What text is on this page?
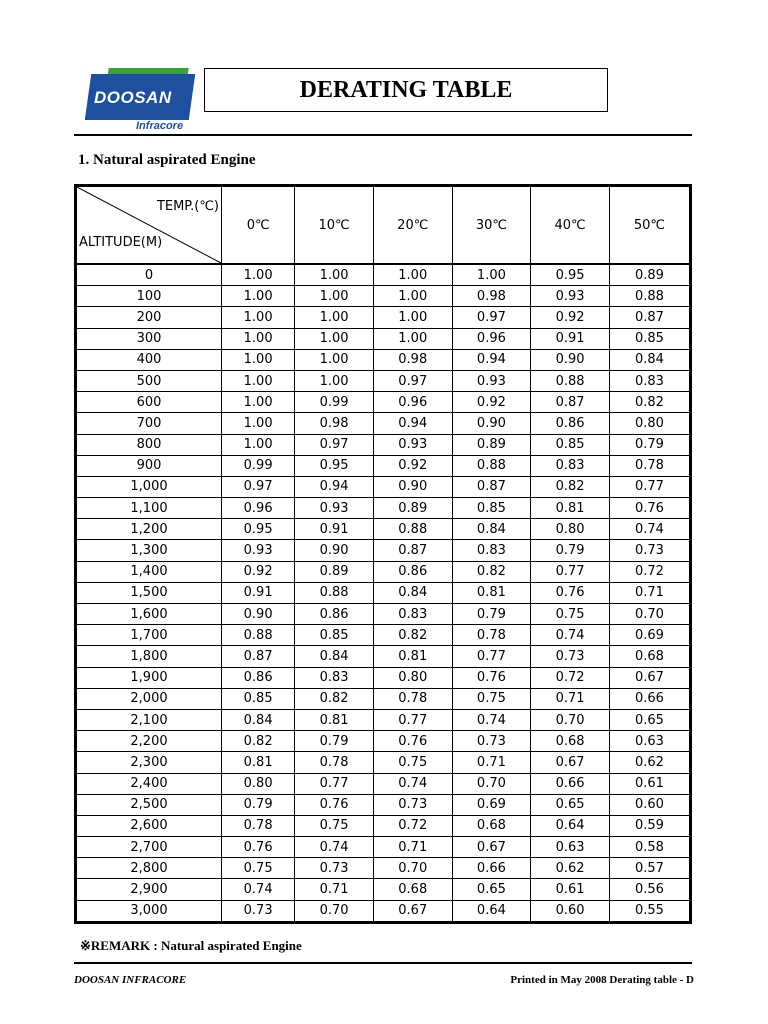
DOOSAN
Infracore
DERATING TABLE
1. Natural aspirated Engine
TEMP.(℃)
ALTITUDE(M)	0℃	10℃	20℃	30℃	40℃	50℃
0	1.00	1.00	1.00	1.00	0.95	0.89
100	1.00	1.00	1.00	0.98	0.93	0.88
200	1.00	1.00	1.00	0.97	0.92	0.87
300	1.00	1.00	1.00	0.96	0.91	0.85
400	1.00	1.00	0.98	0.94	0.90	0.84
500	1.00	1.00	0.97	0.93	0.88	0.83
600	1.00	0.99	0.96	0.92	0.87	0.82
700	1.00	0.98	0.94	0.90	0.86	0.80
800	1.00	0.97	0.93	0.89	0.85	0.79
900	0.99	0.95	0.92	0.88	0.83	0.78
1,000	0.97	0.94	0.90	0.87	0.82	0.77
1,100	0.96	0.93	0.89	0.85	0.81	0.76
1,200	0.95	0.91	0.88	0.84	0.80	0.74
1,300	0.93	0.90	0.87	0.83	0.79	0.73
1,400	0.92	0.89	0.86	0.82	0.77	0.72
1,500	0.91	0.88	0.84	0.81	0.76	0.71
1,600	0.90	0.86	0.83	0.79	0.75	0.70
1,700	0.88	0.85	0.82	0.78	0.74	0.69
1,800	0.87	0.84	0.81	0.77	0.73	0.68
1,900	0.86	0.83	0.80	0.76	0.72	0.67
2,000	0.85	0.82	0.78	0.75	0.71	0.66
2,100	0.84	0.81	0.77	0.74	0.70	0.65
2,200	0.82	0.79	0.76	0.73	0.68	0.63
2,300	0.81	0.78	0.75	0.71	0.67	0.62
2,400	0.80	0.77	0.74	0.70	0.66	0.61
2,500	0.79	0.76	0.73	0.69	0.65	0.60
2,600	0.78	0.75	0.72	0.68	0.64	0.59
2,700	0.76	0.74	0.71	0.67	0.63	0.58
2,800	0.75	0.73	0.70	0.66	0.62	0.57
2,900	0.74	0.71	0.68	0.65	0.61	0.56
3,000	0.73	0.70	0.67	0.64	0.60	0.55
※REMARK : Natural aspirated Engine
DOOSAN INFRACORE	Printed in May 2008 Derating table - D
